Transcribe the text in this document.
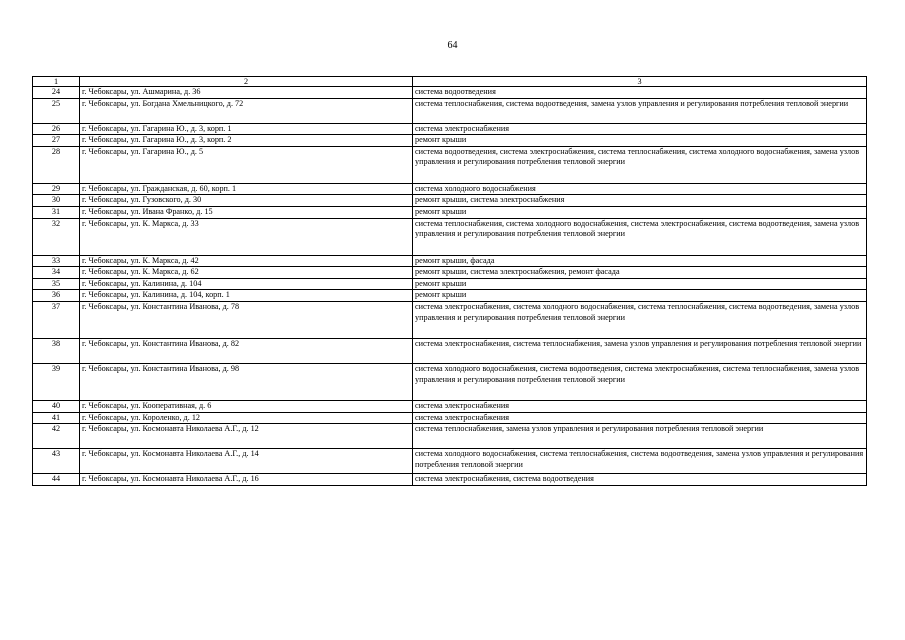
64
1	2	3
24	г. Чебоксары, ул. Ашмарина, д. 36	система водоотведения
25	г. Чебоксары, ул. Богдана Хмельницкого, д. 72	система теплоснабжения, система водоотведения, замена узлов управления и регулирования потребления тепловой энергии
26	г. Чебоксары, ул. Гагарина Ю., д. 3, корп. 1	система электроснабжения
27	г. Чебоксары, ул. Гагарина Ю., д. 3, корп. 2	ремонт крыши
28	г. Чебоксары, ул. Гагарина Ю., д. 5	система водоотведения, система электроснабжения, система теплоснабжения, система холодного водоснабжения, замена узлов управления и регулирования потребления тепловой энергии
29	г. Чебоксары, ул. Гражданская, д. 60, корп. 1	система холодного водоснабжения
30	г. Чебоксары, ул. Гузовского, д. 30	ремонт крыши, система электроснабжения
31	г. Чебоксары, ул. Ивана Франко, д. 15	ремонт крыши
32	г. Чебоксары, ул. К. Маркса, д. 33	система теплоснабжения, система холодного водоснабжения, система электроснабжения, система водоотведения, замена узлов управления и регулирования потребления тепловой энергии
33	г. Чебоксары, ул. К. Маркса, д. 42	ремонт крыши, фасада
34	г. Чебоксары, ул. К. Маркса, д. 62	ремонт крыши, система электроснабжения, ремонт фасада
35	г. Чебоксары, ул. Калинина, д. 104	ремонт крыши
36	г. Чебоксары, ул. Калинина, д. 104, корп. 1	ремонт крыши
37	г. Чебоксары, ул. Константина Иванова, д. 78	система электроснабжения, система холодного водоснабжения, система теплоснабжения, система водоотведения, замена узлов управления и регулирования потребления тепловой энергии
38	г. Чебоксары, ул. Константина Иванова, д. 82	система электроснабжения, система теплоснабжения, замена узлов управления и регулирования потребления тепловой энергии
39	г. Чебоксары, ул. Константина Иванова, д. 98	система холодного водоснабжения, система водоотведения, система электроснабжения, система теплоснабжения, замена узлов управления и регулирования потребления тепловой энергии
40	г. Чебоксары, ул. Кооперативная, д. 6	система электроснабжения
41	г. Чебоксары, ул. Короленко, д. 12	система электроснабжения
42	г. Чебоксары, ул. Космонавта Николаева А.Г., д. 12	система теплоснабжения, замена узлов управления и регулирования потребления тепловой энергии
43	г. Чебоксары, ул. Космонавта Николаева А.Г., д. 14	система холодного водоснабжения, система теплоснабжения, система водоотведения, замена узлов управления и регулирования потребления тепловой энергии
44	г. Чебоксары, ул. Космонавта Николаева А.Г., д. 16	система электроснабжения, система водоотведения
